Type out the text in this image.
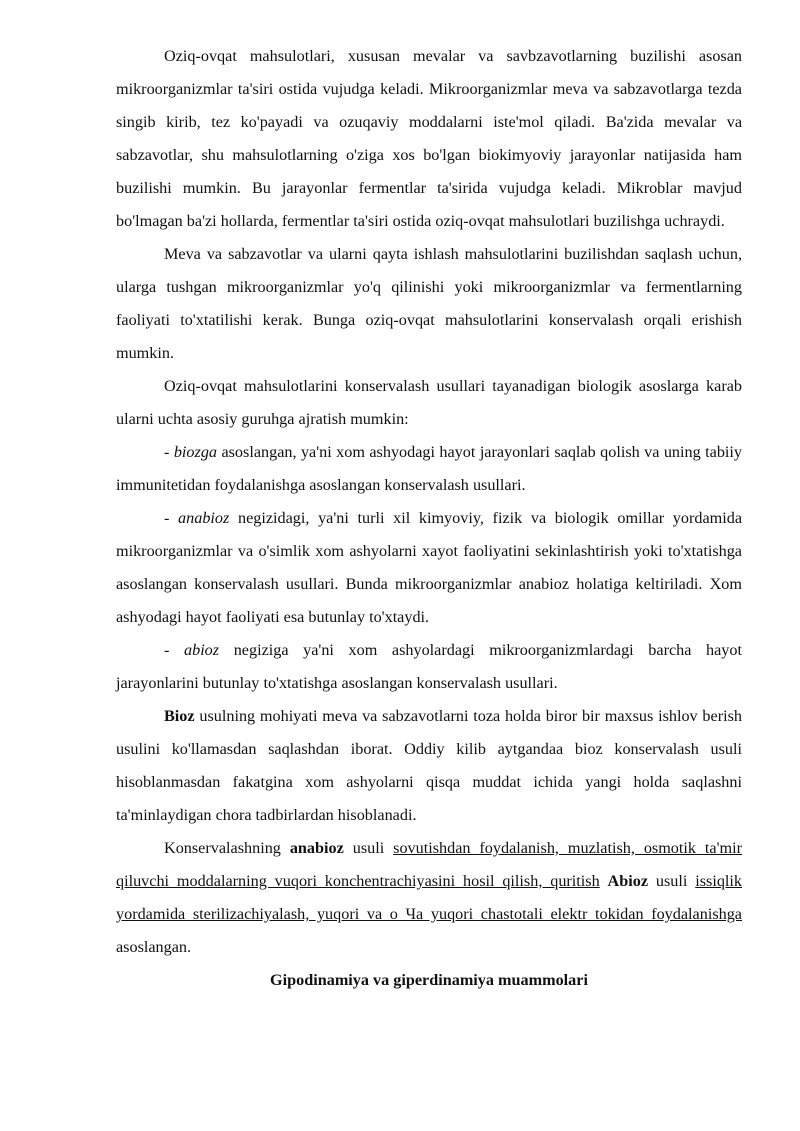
Oziq-ovqat mahsulotlari, xususan mevalar va savbzavotlarning buzilishi asosan mikroorganizmlar ta'siri ostida vujudga keladi. Mikroorganizmlar meva va sabzavotlarga tezda singib kirib, tez ko'payadi va ozuqaviy moddalarni iste'mol qiladi. Ba'zida mevalar va sabzavotlar, shu mahsulotlarning o'ziga xos bo'lgan biokimyoviy jarayonlar natijasida ham buzilishi mumkin. Bu jarayonlar fermentlar ta'sirida vujudga keladi. Mikroblar mavjud bo'lmagan ba'zi hollarda, fermentlar ta'siri ostida oziq-ovqat mahsulotlari buzilishga uchraydi.

Meva va sabzavotlar va ularni qayta ishlash mahsulotlarini buzilishdan saqlash uchun, ularga tushgan mikroorganizmlar yo'q qilinishi yoki mikroorganizmlar va fermentlarning faoliyati to'xtatilishi kerak. Bunga oziq-ovqat mahsulotlarini konservalash orqali erishish mumkin.

Oziq-ovqat mahsulotlarini konservalash usullari tayanadigan biologik asoslarga karab ularni uchta asosiy guruhga ajratish mumkin:

- biozga asoslangan, ya'ni xom ashyodagi hayot jarayonlari saqlab qolish va uning tabiiy immunitetidan foydalanishga asoslangan konservalash usullari.

- anabioz negizidagi, ya'ni turli xil kimyoviy, fizik va biologik omillar yordamida mikroorganizmlar va o'simlik xom ashyolarni xayot faoliyatini sekinlashtirish yoki to'xtatishga asoslangan konservalash usullari. Bunda mikroorganizmlar anabioz holatiga keltiriladi. Xom ashyodagi hayot faoliyati esa butunlay to'xtaydi.

- abioz negiziga ya'ni xom ashyolardagi mikroorganizmlardagi barcha hayot jarayonlarini butunlay to'xtatishga asoslangan konservalash usullari.

Bioz usulning mohiyati meva va sabzavotlarni toza holda biror bir maxsus ishlov berish usulini ko'llamasdan saqlashdan iborat. Oddiy kilib aytgandaa bioz konservalash usuli hisoblanmasdan fakatgina xom ashyolarni qisqa muddat ichida yangi holda saqlashni ta'minlaydigan chora tadbirlardan hisoblanadi.

Konservalashning anabioz usuli sovutishdan foydalanish, muzlatish, osmotik ta'mir qiluvchi moddalarning vuqori konchentrachiyasini hosil qilish, quritish Abioz usuli issiqlik yordamida sterilizachiyalash, yuqori va o Ча yuqori chastotali elektr tokidan foydalanishga asoslangan.

Gipodinamiya va giperdinamiya muammolari
